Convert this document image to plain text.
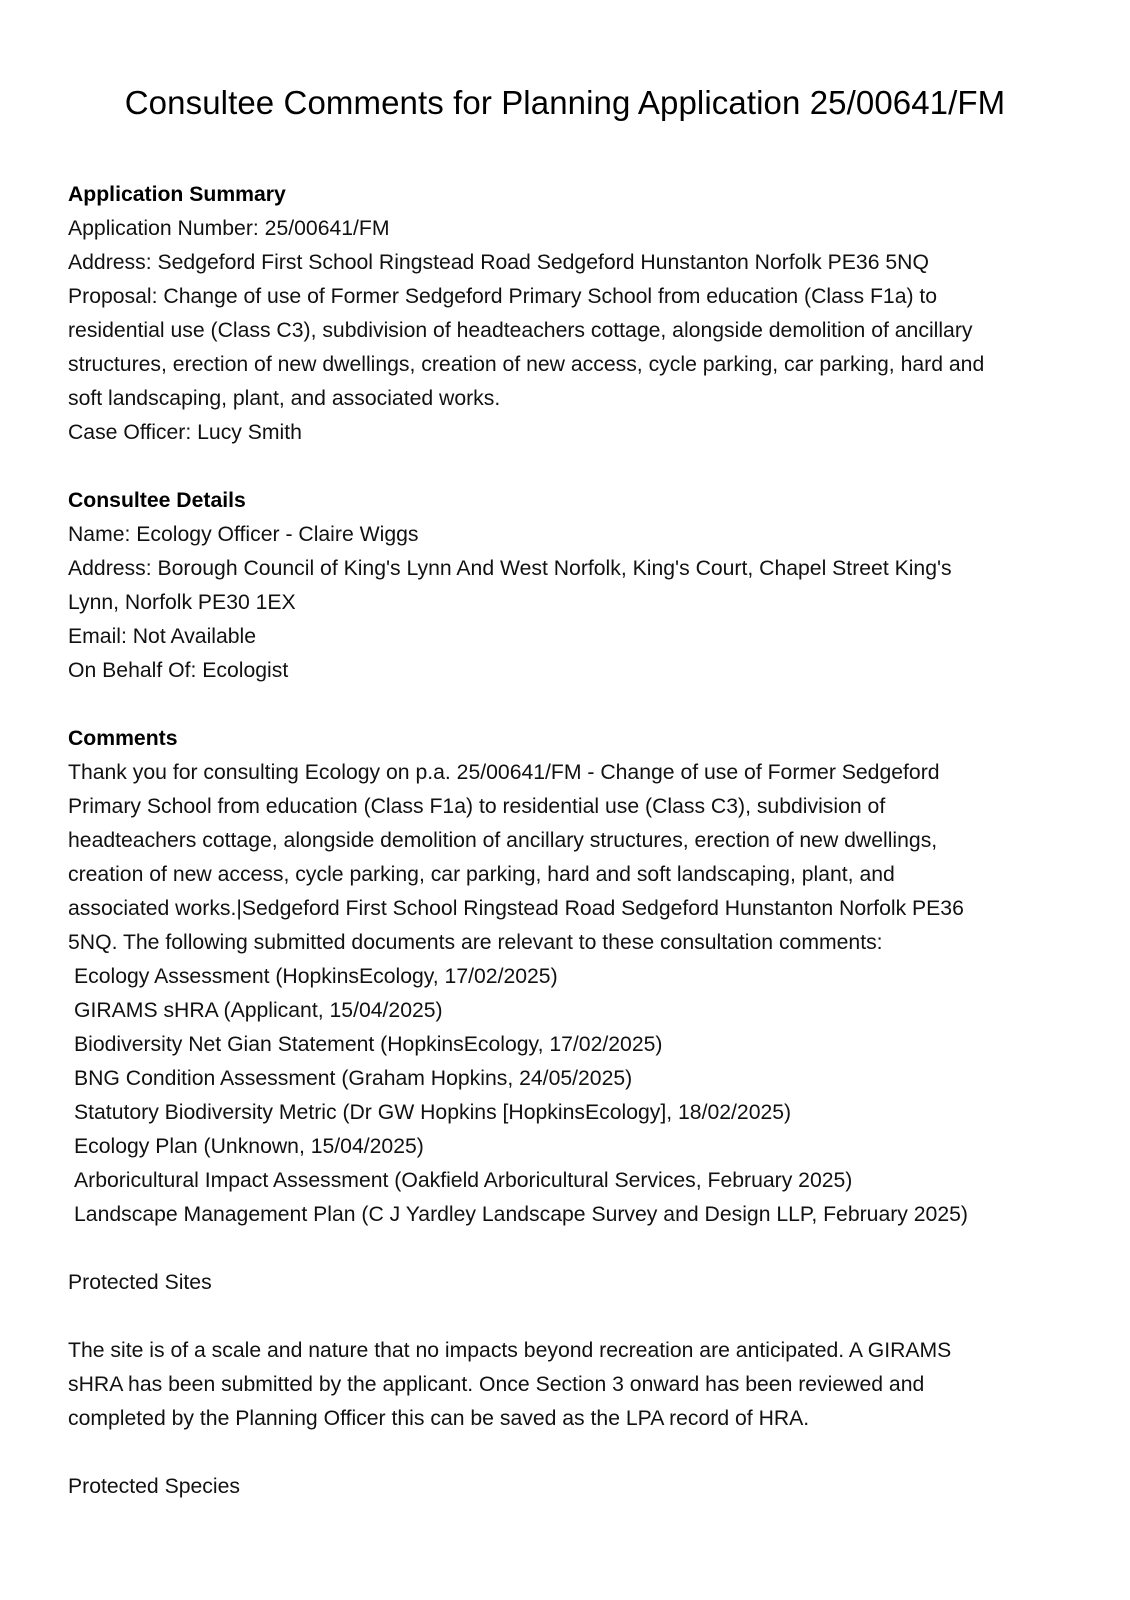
Consultee Comments for Planning Application 25/00641/FM

Application Summary

Application Number: 25/00641/FM

Address: Sedgeford First School Ringstead Road Sedgeford Hunstanton Norfolk PE36 5NQ

Proposal: Change of use of Former Sedgeford Primary School from education (Class F1a) to

residential use (Class C3), subdivision of headteachers cottage, alongside demolition of ancillary

structures, erection of new dwellings, creation of new access, cycle parking, car parking, hard and

soft landscaping, plant, and associated works.

Case Officer: Lucy Smith

Consultee Details

Name: Ecology Officer - Claire Wiggs

Address: Borough Council of King's Lynn And West Norfolk, King's Court, Chapel Street King's

Lynn, Norfolk PE30 1EX

Email: Not Available

On Behalf Of: Ecologist

Comments

Thank you for consulting Ecology on p.a. 25/00641/FM - Change of use of Former Sedgeford

Primary School from education (Class F1a) to residential use (Class C3), subdivision of

headteachers cottage, alongside demolition of ancillary structures, erection of new dwellings,

creation of new access, cycle parking, car parking, hard and soft landscaping, plant, and

associated works.|Sedgeford First School Ringstead Road Sedgeford Hunstanton Norfolk PE36

5NQ. The following submitted documents are relevant to these consultation comments:

Ecology Assessment (HopkinsEcology, 17/02/2025)

GIRAMS sHRA (Applicant, 15/04/2025)

Biodiversity Net Gian Statement (HopkinsEcology, 17/02/2025)

BNG Condition Assessment (Graham Hopkins, 24/05/2025)

Statutory Biodiversity Metric (Dr GW Hopkins [HopkinsEcology], 18/02/2025)

Ecology Plan (Unknown, 15/04/2025)

Arboricultural Impact Assessment (Oakfield Arboricultural Services, February 2025)

Landscape Management Plan (C J Yardley Landscape Survey and Design LLP, February 2025)

Protected Sites

The site is of a scale and nature that no impacts beyond recreation are anticipated. A GIRAMS

sHRA has been submitted by the applicant. Once Section 3 onward has been reviewed and

completed by the Planning Officer this can be saved as the LPA record of HRA.

Protected Species
